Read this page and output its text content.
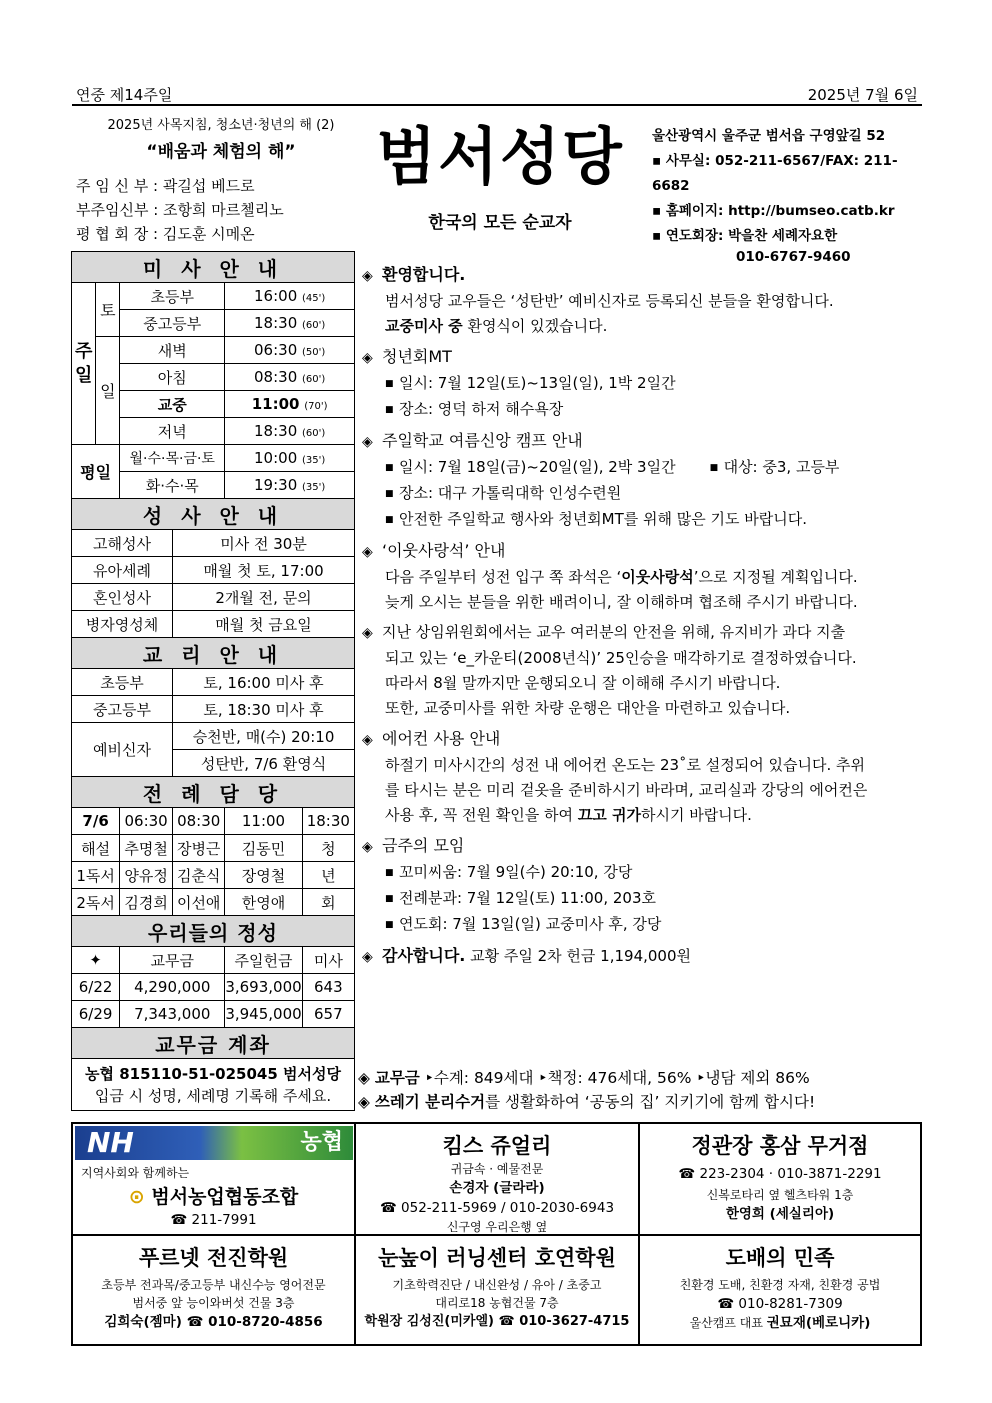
연중 제14주일	2025년 7월 6일
2025년 사목지침, 청소년·청년의 해 (2)
“배움과 체험의 해”
주 임 신 부 : 곽길섭 베드로
부주임신부 : 조항희 마르첼리노
평 협 회 장 : 김도훈 시메온
범서성당
한국의 모든 순교자
울산광역시 울주군 범서읍 구영앞길 52
▪ 사무실: 052-211-6567/FAX: 211-6682
▪ 홈페이지: http://bumseo.catb.kr
▪ 연도회장: 박을찬 세례자요한
010-6767-9460
미 사 안 내					
주
일	토	초등부		16:00 (45')	
		중고등부		18:30 (60')	
	일	새벽		06:30 (50')	
		아침		08:30 (60')	
		교중		11:00 (70')	
		저녁		18:30 (60')	
평일		월·수·목·금·토		10:00 (35')	
		화·수·목		19:30 (35')	
성 사 안 내					
고해성사			미사 전 30분		
유아세례			매월 첫 토, 17:00		
혼인성사			2개월 전, 문의		
병자영성체			매월 첫 금요일		
교 리 안 내					
초등부			토, 16:00 미사 후		
중고등부			토, 18:30 미사 후		
예비신자			승천반, 매(수) 20:10		
			성탄반, 7/6 환영식		
전 례 담 당					
7/6		06:30	08:30	11:00	18:30
해설		추명철	장병근	김동민	청
1독서		양유정	김춘식	장영철	년
2독서		김경희	이선애	한영애	회
우리들의 정성					
✦		교무금		주일헌금	미사
6/22		4,290,000		3,693,000	643
6/29		7,343,000		3,945,000	657
교무금 계좌					

농협 815110-51-025045 범서성당
입금 시 성명, 세례명 기록해 주세요.					
◈ 환영합니다.
범서성당 교우들은 ‘성탄반’ 예비신자로 등록되신 분들을 환영합니다.
교중미사 중 환영식이 있겠습니다.
◈ 청년회MT
■ 일시: 7월 12일(토)~13일(일), 1박 2일간
■ 장소: 영덕 하저 해수욕장
◈ 주일학교 여름신앙 캠프 안내
■ 일시: 7월 18일(금)~20일(일), 2박 3일간	■ 대상: 중3, 고등부
■ 장소: 대구 가톨릭대학 인성수련원
■ 안전한 주일학교 행사와 청년회MT를 위해 많은 기도 바랍니다.
◈ ‘이웃사랑석’ 안내
다음 주일부터 성전 입구 쪽 좌석은 ‘이웃사랑석’으로 지정될 계획입니다.
늦게 오시는 분들을 위한 배려이니, 잘 이해하며 협조해 주시기 바랍니다.
◈ 지난 상임위원회에서는 교우 여러분의 안전을 위해, 유지비가 과다 지출
되고 있는 ‘e_카운티(2008년식)’ 25인승을 매각하기로 결정하였습니다.
따라서 8월 말까지만 운행되오니 잘 이해해 주시기 바랍니다.
또한, 교중미사를 위한 차량 운행은 대안을 마련하고 있습니다.
◈ 에어컨 사용 안내
하절기 미사시간의 성전 내 에어컨 온도는 23˚로 설정되어 있습니다. 추위
를 타시는 분은 미리 겉옷을 준비하시기 바라며, 교리실과 강당의 에어컨은
사용 후, 꼭 전원 확인을 하여 끄고 귀가하시기 바랍니다.
◈ 금주의 모임
■ 꼬미씨움: 7월 9일(수) 20:10, 강당
■ 전례분과: 7월 12일(토) 11:00, 203호
■ 연도회: 7월 13일(일) 교중미사 후, 강당
◈ 감사합니다. 교황 주일 2차 헌금 1,194,000원
◈ 교무금 ‣수계: 849세대 ‣책정: 476세대, 56% ‣냉담 제외 86%
◈ 쓰레기 분리수거를 생활화하여 ‘공동의 집’ 지키기에 함께 합시다!
NH	농협
지역사회와 함께하는
⊙ 범서농업협동조합
☎ 211-7991
킴스 쥬얼리
귀금속 · 예물전문
손경자 (글라라)
☎ 052-211-5969 / 010-2030-6943
신구영 우리은행 옆
정관장 홍삼 무거점
☎ 223-2304 · 010-3871-2291
신복로타리 옆 헬츠타워 1층
한영희 (세실리아)
푸르넷 전진학원
초등부 전과목/중고등부 내신수능 영어전문
범서중 앞 능이와버섯 건물 3층
김희숙(젬마) ☎ 010-8720-4856
눈높이 러닝센터 호연학원
기초학력진단 / 내신완성 / 유아 / 초중고
대리로18 농협건물 7층
학원장 김성진(미카엘) ☎ 010-3627-4715
도배의 민족
친환경 도배, 친환경 자재, 친환경 공법
☎ 010-8281-7309
울산캠프 대표 권묘재(베로니카)
